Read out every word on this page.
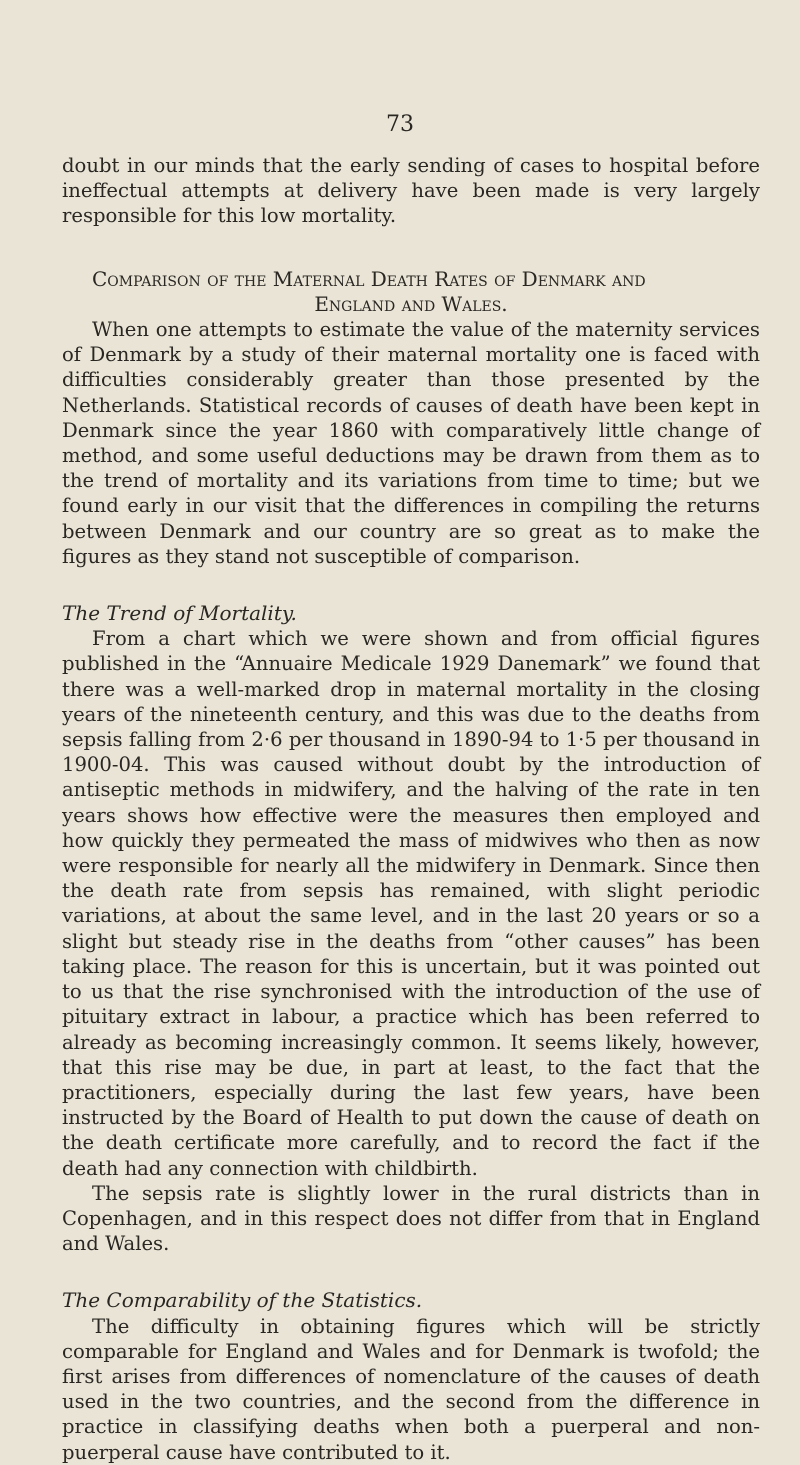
73

doubt in our minds that the early sending of cases to hospital before ineffectual attempts at delivery have been made is very largely responsible for this low mortality.

Comparison of the Maternal Death Rates of Denmark and
England and Wales.

When one attempts to estimate the value of the maternity services of Denmark by a study of their maternal mortality one is faced with difficulties considerably greater than those presented by the Netherlands. Statistical records of causes of death have been kept in Denmark since the year 1860 with comparatively little change of method, and some useful deductions may be drawn from them as to the trend of mortality and its variations from time to time; but we found early in our visit that the differences in compiling the returns between Denmark and our country are so great as to make the figures as they stand not susceptible of comparison.

The Trend of Mortality.

From a chart which we were shown and from official figures published in the “Annuaire Medicale 1929 Danemark” we found that there was a well-marked drop in maternal mortality in the closing years of the nineteenth century, and this was due to the deaths from sepsis falling from 2·6 per thousand in 1890-94 to 1·5 per thousand in 1900-04. This was caused without doubt by the introduction of antiseptic methods in midwifery, and the halving of the rate in ten years shows how effective were the measures then employed and how quickly they permeated the mass of midwives who then as now were responsible for nearly all the midwifery in Denmark. Since then the death rate from sepsis has remained, with slight periodic variations, at about the same level, and in the last 20 years or so a slight but steady rise in the deaths from “other causes” has been taking place. The reason for this is uncertain, but it was pointed out to us that the rise synchronised with the introduction of the use of pituitary extract in labour, a practice which has been referred to already as becoming increasingly common. It seems likely, however, that this rise may be due, in part at least, to the fact that the practitioners, especially during the last few years, have been instructed by the Board of Health to put down the cause of death on the death certificate more carefully, and to record the fact if the death had any connection with childbirth.

The sepsis rate is slightly lower in the rural districts than in Copenhagen, and in this respect does not differ from that in England and Wales.

The Comparability of the Statistics.

The difficulty in obtaining figures which will be strictly comparable for England and Wales and for Denmark is twofold; the first arises from differences of nomenclature of the causes of death used in the two countries, and the second from the difference in practice in classifying deaths when both a puerperal and non-puerperal cause have contributed to it.
